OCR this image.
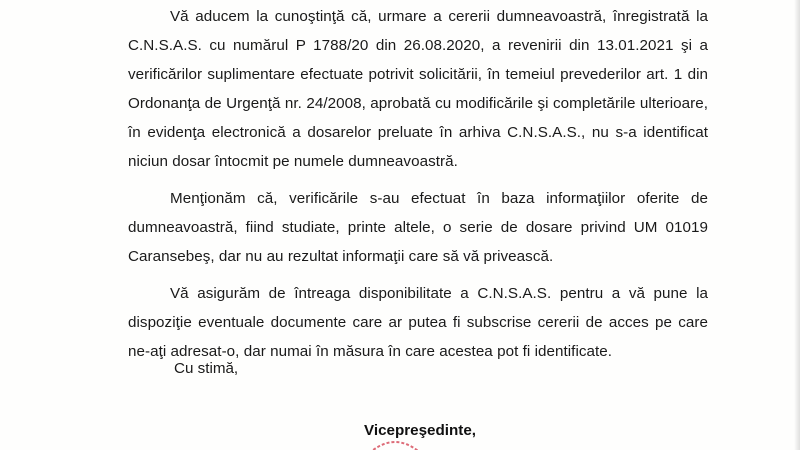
Vă aducem la cunoştinţă că, urmare a cererii dumneavoastră, înregistrată la C.N.S.A.S. cu numărul P 1788/20 din 26.08.2020, a revenirii din 13.01.2021 şi a verificărilor suplimentare efectuate potrivit solicitării, în temeiul prevederilor art. 1 din Ordonanţa de Urgenţă nr. 24/2008, aprobată cu modificările şi completările ulterioare, în evidenţa electronică a dosarelor preluate în arhiva C.N.S.A.S., nu s-a identificat niciun dosar întocmit pe numele dumneavoastră.

Menţionăm că, verificările s-au efectuat în baza informaţiilor oferite de dumneavoastră, fiind studiate, printe altele, o serie de dosare privind UM 01019 Caransebeş, dar nu au rezultat informaţii care să vă privească.

Vă asigurăm de întreaga disponibilitate a C.N.S.A.S. pentru a vă pune la dispoziţie eventuale documente care ar putea fi subscrise cererii de acces pe care ne-aţi adresat-o, dar numai în măsura în care acestea pot fi identificate.

Cu stimă,
Vicepreşedinte,
